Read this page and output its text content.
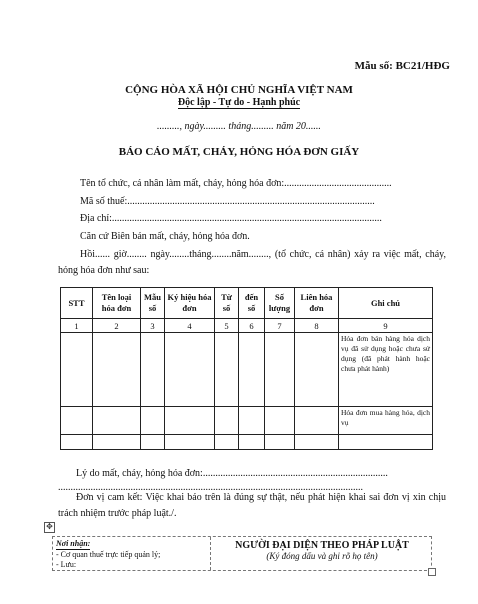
Mẫu số: BC21/HĐG
CỘNG HÒA XÃ HỘI CHỦ NGHĨA VIỆT NAM
Độc lập - Tự do - Hạnh phúc
........., ngày......... tháng......... năm 20......
BÁO CÁO MẤT, CHÁY, HỎNG HÓA ĐƠN GIẤY
Tên tổ chức, cá nhân làm mất, cháy, hỏng hóa đơn:...........................................
Mã số thuế:...................................................................................................
Địa chỉ:............................................................................................................
Căn cứ Biên bản mất, cháy, hỏng hóa đơn.
Hồi...... giờ........ ngày........tháng........năm........, (tổ chức, cá nhân) xảy ra việc mất, cháy, hỏng hóa đơn như sau:
STT	Tên loại hóa đơn	Mẫu số	Ký hiệu hóa đơn	Từ số	đến số	Số lượng	Liên hóa đơn	Ghi chú
1	2	3	4	5	6	7	8	9
								Hóa đơn bán hàng hóa dịch vụ đã sử dụng hoặc chưa sử dụng (đã phát hành hoặc chưa phát hành)
								Hóa đơn mua hàng hóa, dịch vụ

Lý do mất, cháy, hỏng hóa đơn:..........................................................................
..........................................................................................................................
Đơn vị cam kết: Việc khai báo trên là đúng sự thật, nếu phát hiện khai sai đơn vị xin chịu trách nhiệm trước pháp luật./.
✥
Nơi nhận:
- Cơ quan thuế trực tiếp quản lý;
- Lưu:
NGƯỜI ĐẠI DIỆN THEO PHÁP LUẬT
(Ký đóng dấu và ghi rõ họ tên)
